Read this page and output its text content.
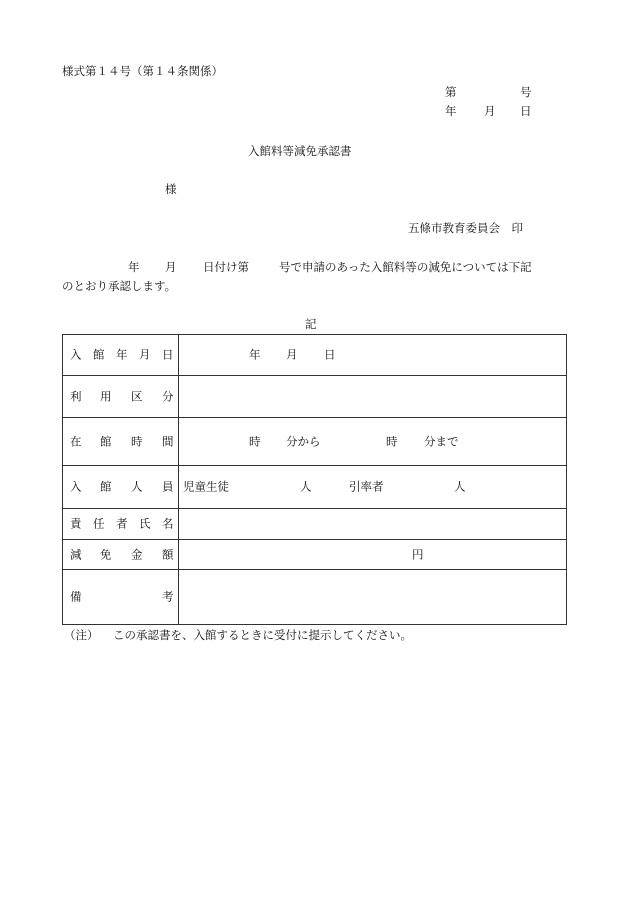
様式第１４号（第１４条関係）
第	号
年 月 日
入館料等減免承認書
様
五條市教育委員会　印
年 月 日付け第	号で申請のあった入館料等の減免については下記
のとおり承認します。
記
入 館 年 月 日	年 月 日

利 用 区 分	

在 館 時 間	時 分から 時 分まで

入 館 人 員	児童生徒 人 引率者 人

責 任 者 氏 名	

減 免 金 額	円

備 考	

（注） この承認書を、入館するときに受付に提示してください。
